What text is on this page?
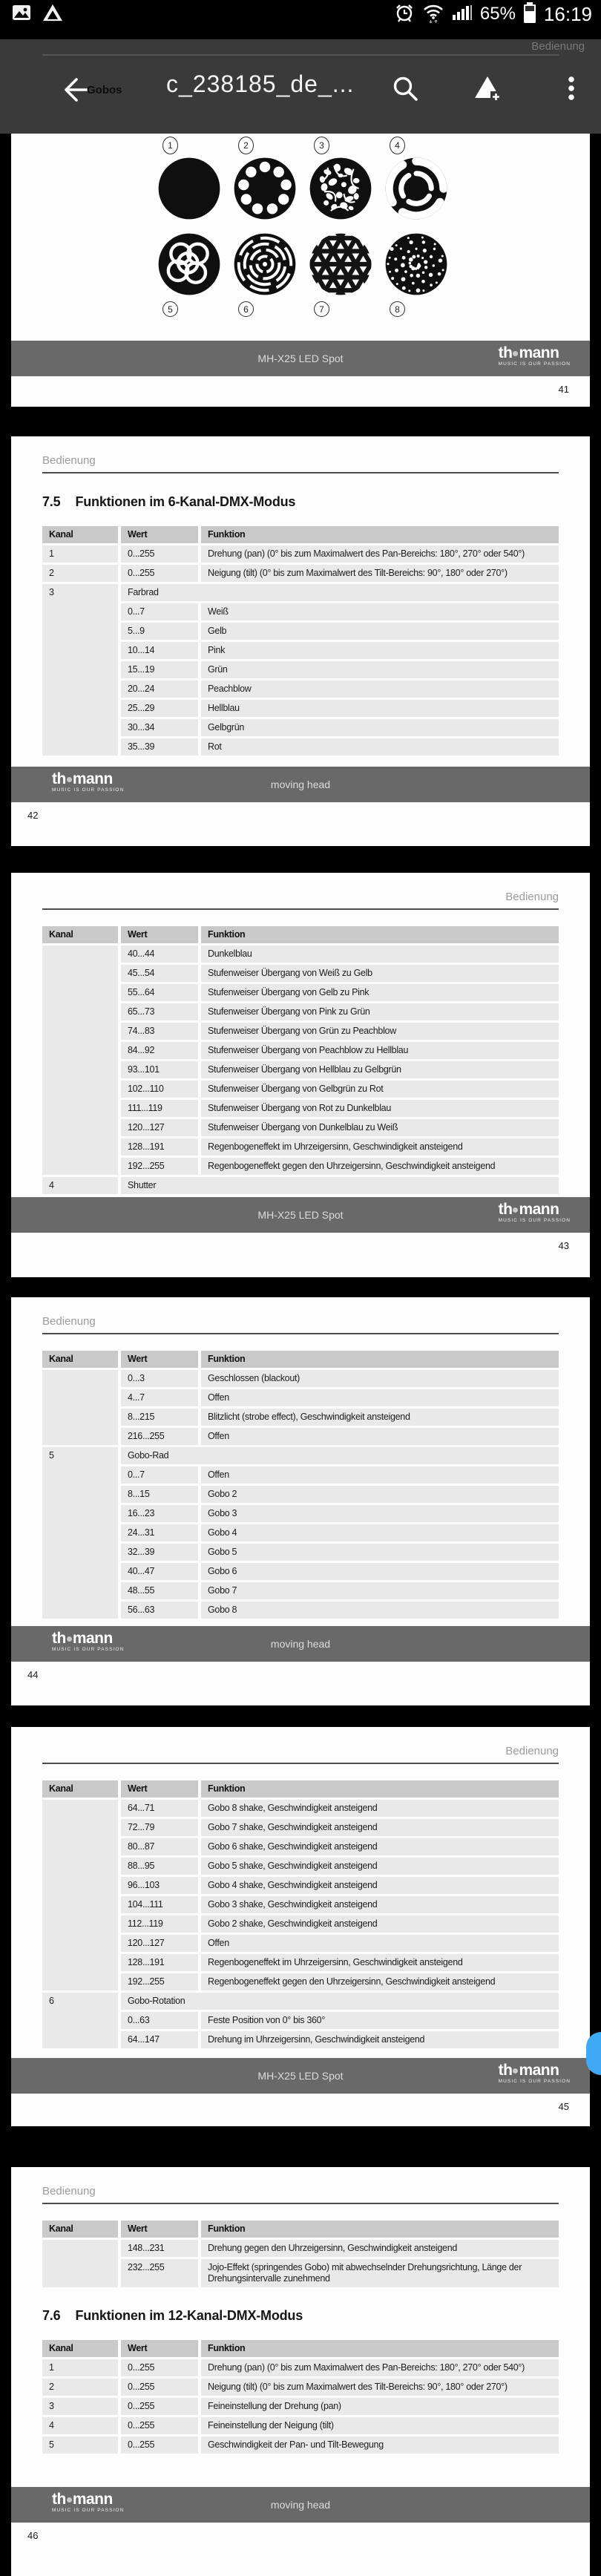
65% 16:19
Bedienung
Gobos c_238185_de_...
1	2	3	4
5	6	7	8
MH-X25 LED Spot	th mann
MUSIC IS OUR PASSION
41
Bedienung
7.5 Funktionen im 6-Kanal-DMX-Modus
Kanal	Wert	Funktion
1	0...255	Drehung (pan) (0° bis zum Maximalwert des Pan-Bereichs: 180°, 270° oder 540°)
2	0...255	Neigung (tilt) (0° bis zum Maximalwert des Tilt-Bereichs: 90°, 180° oder 270°)
3	Farbrad	
	0...7	Weiß
	5...9	Gelb
	10...14	Pink
	15...19	Grün
	20...24	Peachblow
	25...29	Hellblau
	30...34	Gelbgrün
	35...39	Rot
moving head
th mann
MUSIC IS OUR PASSION
42
Bedienung
Kanal	Wert	Funktion
	40...44	Dunkelblau
	45...54	Stufenweiser Übergang von Weiß zu Gelb
	55...64	Stufenweiser Übergang von Gelb zu Pink
	65...73	Stufenweiser Übergang von Pink zu Grün
	74...83	Stufenweiser Übergang von Grün zu Peachblow
	84...92	Stufenweiser Übergang von Peachblow zu Hellblau
	93...101	Stufenweiser Übergang von Hellblau zu Gelbgrün
	102...110	Stufenweiser Übergang von Gelbgrün zu Rot
	111...119	Stufenweiser Übergang von Rot zu Dunkelblau
	120...127	Stufenweiser Übergang von Dunkelblau zu Weiß
	128...191	Regenbogeneffekt im Uhrzeigersinn, Geschwindigkeit ansteigend
	192...255	Regenbogeneffekt gegen den Uhrzeigersinn, Geschwindigkeit ansteigend
4	Shutter	
MH-X25 LED Spot	th mann
MUSIC IS OUR PASSION
43
Bedienung
Kanal	Wert	Funktion
	0...3	Geschlossen (blackout)
	4...7	Offen
	8...215	Blitzlicht (strobe effect), Geschwindigkeit ansteigend
	216...255	Offen
5	Gobo-Rad	
	0...7	Offen
	8...15	Gobo 2
	16...23	Gobo 3
	24...31	Gobo 4
	32...39	Gobo 5
	40...47	Gobo 6
	48...55	Gobo 7
	56...63	Gobo 8
moving head
th mann
MUSIC IS OUR PASSION
44
Bedienung
Kanal	Wert	Funktion
	64...71	Gobo 8 shake, Geschwindigkeit ansteigend
	72...79	Gobo 7 shake, Geschwindigkeit ansteigend
	80...87	Gobo 6 shake, Geschwindigkeit ansteigend
	88...95	Gobo 5 shake, Geschwindigkeit ansteigend
	96...103	Gobo 4 shake, Geschwindigkeit ansteigend
	104...111	Gobo 3 shake, Geschwindigkeit ansteigend
	112...119	Gobo 2 shake, Geschwindigkeit ansteigend
	120...127	Offen
	128...191	Regenbogeneffekt im Uhrzeigersinn, Geschwindigkeit ansteigend
	192...255	Regenbogeneffekt gegen den Uhrzeigersinn, Geschwindigkeit ansteigend
6	Gobo-Rotation	
	0...63	Feste Position von 0° bis 360°
	64...147	Drehung im Uhrzeigersinn, Geschwindigkeit ansteigend
MH-X25 LED Spot	th mann
MUSIC IS OUR PASSION
45
Bedienung
Kanal	Wert	Funktion
	148...231	Drehung gegen den Uhrzeigersinn, Geschwindigkeit ansteigend
	232...255	Jojo-Effekt (springendes Gobo) mit abwechselnder Drehungsrichtung, Länge der Drehungsintervalle zunehmend
7.6 Funktionen im 12-Kanal-DMX-Modus
Kanal	Wert	Funktion
1	0...255	Drehung (pan) (0° bis zum Maximalwert des Pan-Bereichs: 180°, 270° oder 540°)
2	0...255	Neigung (tilt) (0° bis zum Maximalwert des Tilt-Bereichs: 90°, 180° oder 270°)
3	0...255	Feineinstellung der Drehung (pan)
4	0...255	Feineinstellung der Neigung (tilt)
5	0...255	Geschwindigkeit der Pan- und Tilt-Bewegung
moving head
th mann
MUSIC IS OUR PASSION
46
